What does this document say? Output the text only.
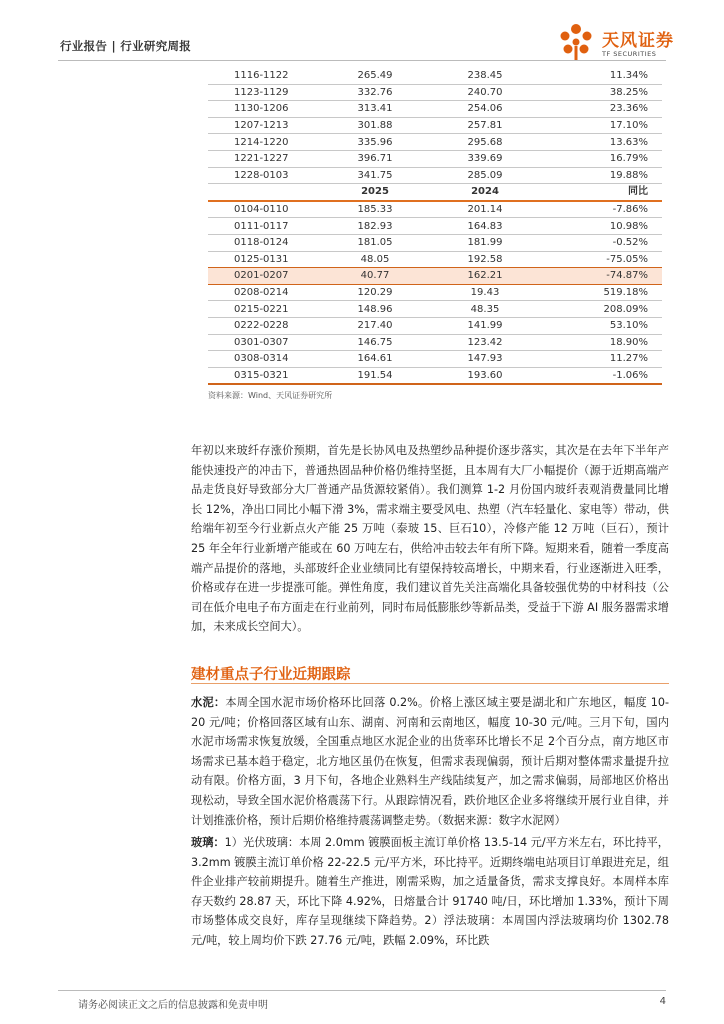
行业报告 | 行业研究周报	天风证券
TF SECURITIES
1116-1122	265.49	238.45	11.34%
1123-1129	332.76	240.70	38.25%
1130-1206	313.41	254.06	23.36%
1207-1213	301.88	257.81	17.10%
1214-1220	335.96	295.68	13.63%
1221-1227	396.71	339.69	16.79%
1228-0103	341.75	285.09	19.88%
	2025	2024	同比
0104-0110	185.33	201.14	-7.86%
0111-0117	182.93	164.83	10.98%
0118-0124	181.05	181.99	-0.52%
0125-0131	48.05	192.58	-75.05%
0201-0207	40.77	162.21	-74.87%
0208-0214	120.29	19.43	519.18%
0215-0221	148.96	48.35	208.09%
0222-0228	217.40	141.99	53.10%
0301-0307	146.75	123.42	18.90%
0308-0314	164.61	147.93	11.27%
0315-0321	191.54	193.60	-1.06%
资料来源：Wind、天风证券研究所
年初以来玻纤存涨价预期，首先是长协风电及热塑纱品种提价逐步落实，其次是在去年下半年产能快速投产的冲击下，普通热固品种价格仍维持坚挺，且本周有大厂小幅提价（源于近期高端产品走货良好导致部分大厂普通产品货源较紧俏）。我们测算 1-2 月份国内玻纤表观消费量同比增长 12%，净出口同比小幅下滑 3%，需求端主要受风电、热塑（汽车轻量化、家电等）带动，供给端年初至今行业新点火产能 25 万吨（泰玻 15、巨石10），冷修产能 12 万吨（巨石），预计 25 年全年行业新增产能或在 60 万吨左右，供给冲击较去年有所下降。短期来看，随着一季度高端产品提价的落地，头部玻纤企业业绩同比有望保持较高增长，中期来看，行业逐渐进入旺季，价格或存在进一步提涨可能。弹性角度，我们建议首先关注高端化具备较强优势的中材科技（公司在低介电电子布方面走在行业前列，同时布局低膨胀纱等新品类，受益于下游 AI 服务器需求增加，未来成长空间大）。
建材重点子行业近期跟踪
水泥：本周全国水泥市场价格环比回落 0.2%。价格上涨区域主要是湖北和广东地区，幅度 10-20 元/吨；价格回落区域有山东、湖南、河南和云南地区，幅度 10-30 元/吨。三月下旬，国内水泥市场需求恢复放缓，全国重点地区水泥企业的出货率环比增长不足 2个百分点，南方地区市场需求已基本趋于稳定，北方地区虽仍在恢复，但需求表现偏弱，预计后期对整体需求量提升拉动有限。价格方面，3 月下旬，各地企业熟料生产线陆续复产，加之需求偏弱，局部地区价格出现松动，导致全国水泥价格震荡下行。从跟踪情况看，跌价地区企业多将继续开展行业自律，并计划推涨价格，预计后期价格维持震荡调整走势。（数据来源：数字水泥网）
玻璃：1）光伏玻璃：本周 2.0mm 镀膜面板主流订单价格 13.5-14 元/平方米左右，环比持平，3.2mm 镀膜主流订单价格 22-22.5 元/平方米，环比持平。近期终端电站项目订单跟进充足，组件企业排产较前期提升。随着生产推进，刚需采购，加之适量备货，需求支撑良好。本周样本库存天数约 28.87 天，环比下降 4.92%，日熔量合计 91740 吨/日，环比增加 1.33%，预计下周市场整体成交良好，库存呈现继续下降趋势。2）浮法玻璃：本周国内浮法玻璃均价 1302.78 元/吨，较上周均价下跌 27.76 元/吨，跌幅 2.09%，环比跌
请务必阅读正文之后的信息披露和免责申明	4
